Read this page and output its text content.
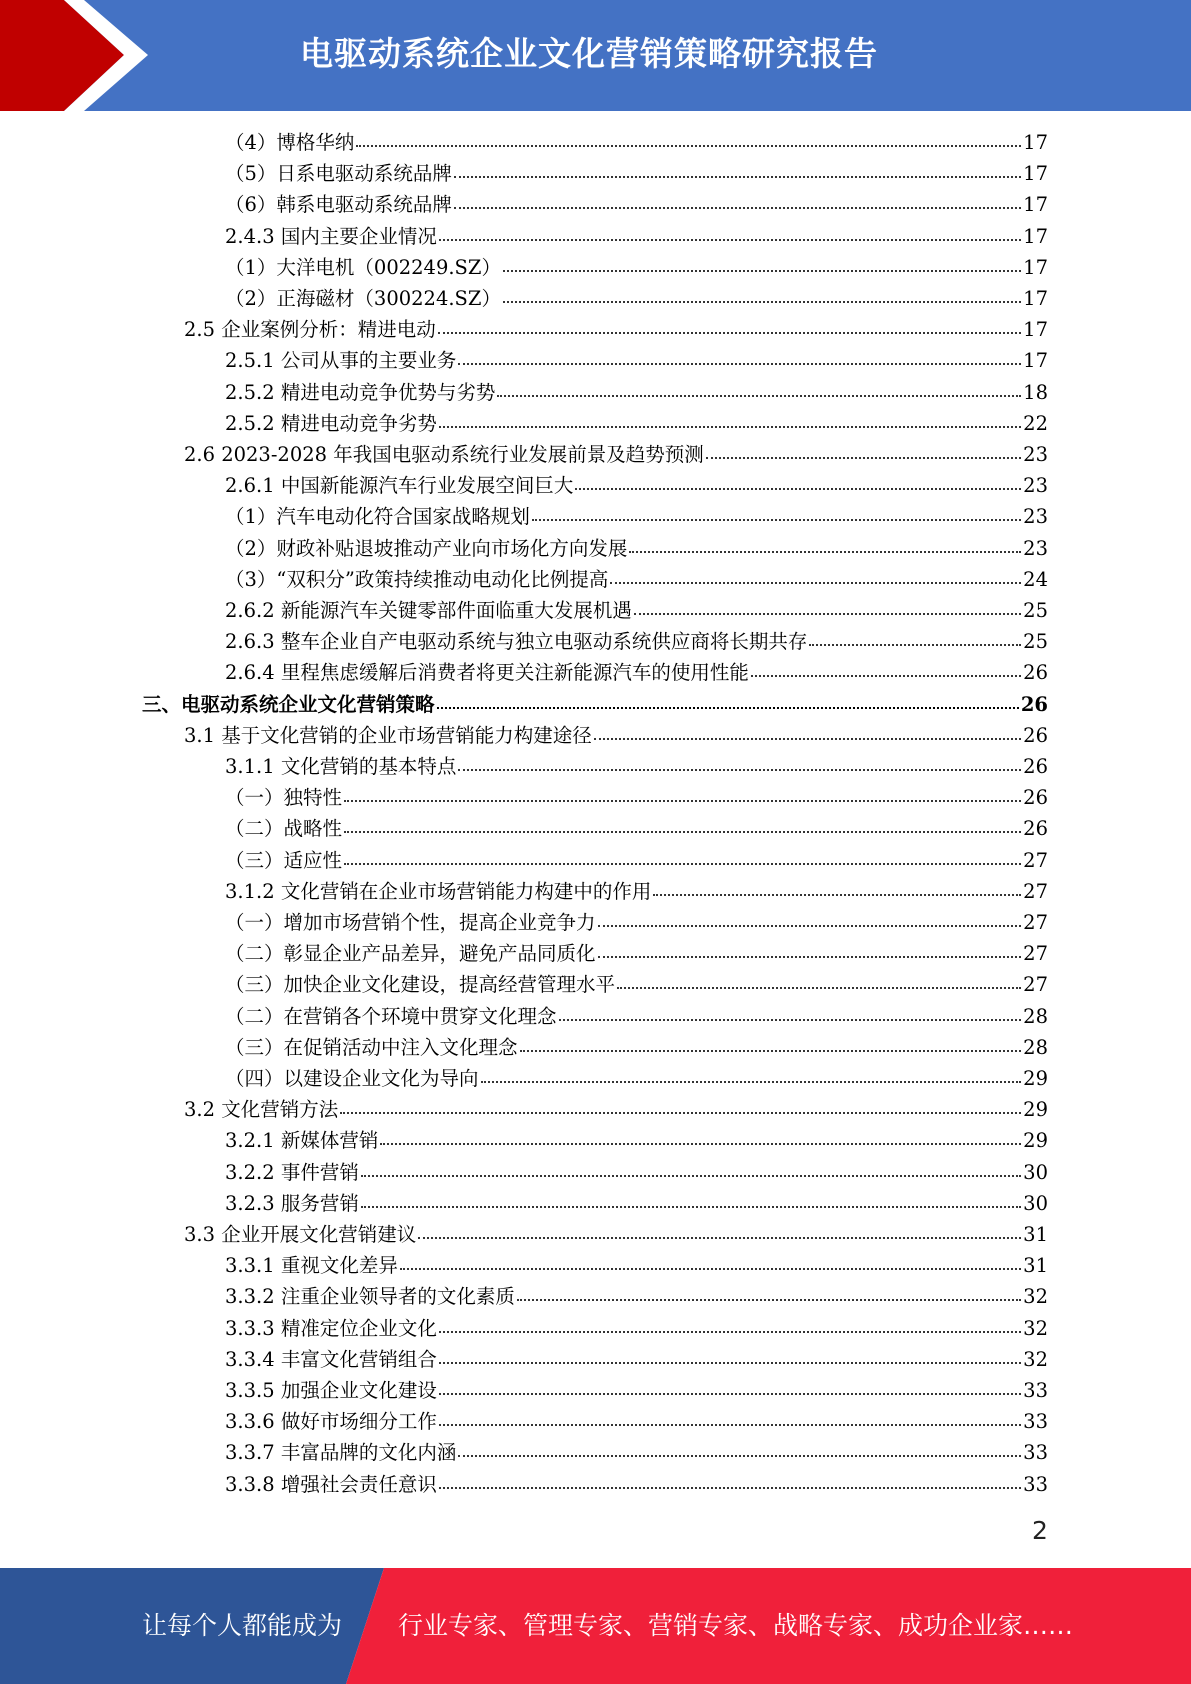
电驱动系统企业文化营销策略研究报告
（4）博格华纳	17
（5）日系电驱动系统品牌	17
（6）韩系电驱动系统品牌	17
2.4.3 国内主要企业情况	17
（1）大洋电机（002249.SZ）	17
（2）正海磁材（300224.SZ）	17
2.5 企业案例分析：精进电动	17
2.5.1 公司从事的主要业务	17
2.5.2 精进电动竞争优势与劣势	18
2.5.2 精进电动竞争劣势	22
2.6 2023-2028 年我国电驱动系统行业发展前景及趋势预测	23
2.6.1 中国新能源汽车行业发展空间巨大	23
（1）汽车电动化符合国家战略规划	23
（2）财政补贴退坡推动产业向市场化方向发展	23
（3）“双积分”政策持续推动电动化比例提高	24
2.6.2 新能源汽车关键零部件面临重大发展机遇	25
2.6.3 整车企业自产电驱动系统与独立电驱动系统供应商将长期共存	25
2.6.4 里程焦虑缓解后消费者将更关注新能源汽车的使用性能	26
三、电驱动系统企业文化营销策略	26
3.1 基于文化营销的企业市场营销能力构建途径	26
3.1.1 文化营销的基本特点	26
（一）独特性	26
（二）战略性	26
（三）适应性	27
3.1.2 文化营销在企业市场营销能力构建中的作用	27
（一）增加市场营销个性，提高企业竞争力	27
（二）彰显企业产品差异，避免产品同质化	27
（三）加快企业文化建设，提高经营管理水平	27
（二）在营销各个环境中贯穿文化理念	28
（三）在促销活动中注入文化理念	28
（四）以建设企业文化为导向	29
3.2 文化营销方法	29
3.2.1 新媒体营销	29
3.2.2 事件营销	30
3.2.3 服务营销	30
3.3 企业开展文化营销建议	31
3.3.1 重视文化差异	31
3.3.2 注重企业领导者的文化素质	32
3.3.3 精准定位企业文化	32
3.3.4 丰富文化营销组合	32
3.3.5 加强企业文化建设	33
3.3.6 做好市场细分工作	33
3.3.7 丰富品牌的文化内涵	33
3.3.8 增强社会责任意识	33
2
让每个人都能成为 行业专家、管理专家、营销专家、战略专家、成功企业家……
